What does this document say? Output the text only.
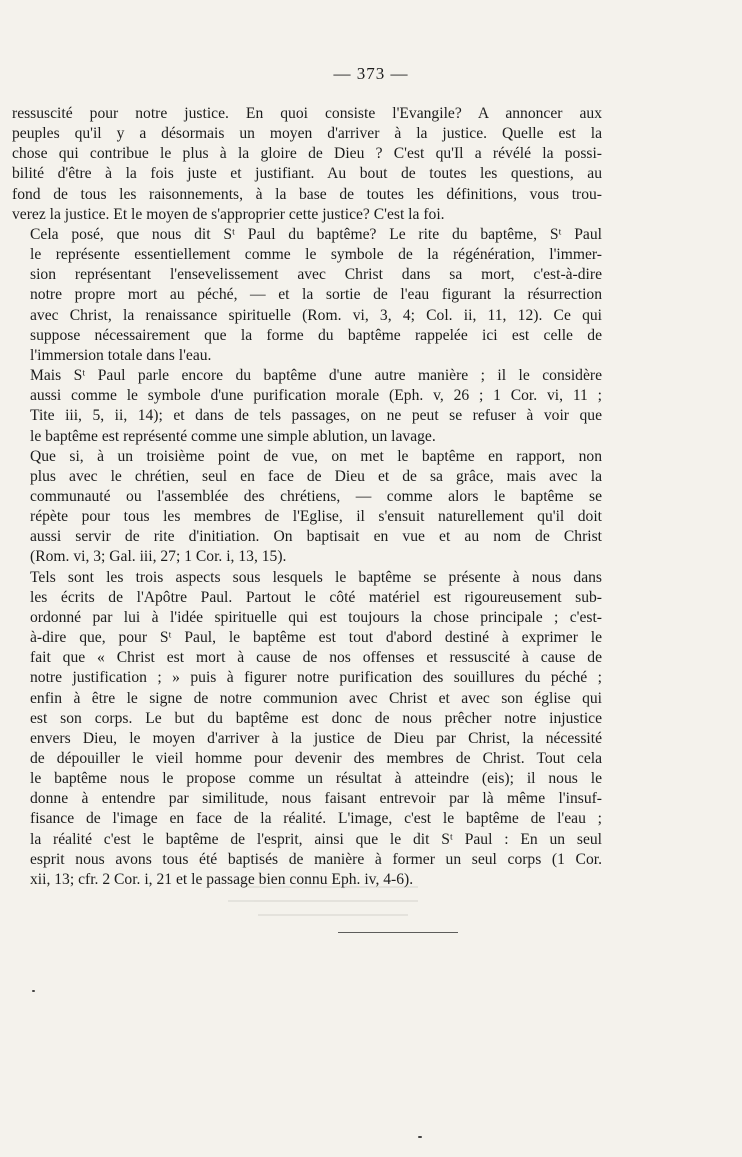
— 373 —
ressuscité pour notre justice. En quoi consiste l'Evangile? A annoncer aux
peuples qu'il y a désormais un moyen d'arriver à la justice. Quelle est la
chose qui contribue le plus à la gloire de Dieu ? C'est qu'Il a révélé la possi-
bilité d'être à la fois juste et justifiant. Au bout de toutes les questions, au
fond de tous les raisonnements, à la base de toutes les définitions, vous trou-
verez la justice. Et le moyen de s'approprier cette justice? C'est la foi.
Cela posé, que nous dit Sᵗ Paul du baptême? Le rite du baptême, Sᵗ Paul
le représente essentiellement comme le symbole de la régénération, l'immer-
sion représentant l'ensevelissement avec Christ dans sa mort, c'est-à-dire
notre propre mort au péché, — et la sortie de l'eau figurant la résurrection
avec Christ, la renaissance spirituelle (Rom. vi, 3, 4; Col. ii, 11, 12). Ce qui
suppose nécessairement que la forme du baptême rappelée ici est celle de
l'immersion totale dans l'eau.
Mais Sᵗ Paul parle encore du baptême d'une autre manière ; il le considère
aussi comme le symbole d'une purification morale (Eph. v, 26 ; 1 Cor. vi, 11 ;
Tite iii, 5, ii, 14); et dans de tels passages, on ne peut se refuser à voir que
le baptême est représenté comme une simple ablution, un lavage.
Que si, à un troisième point de vue, on met le baptême en rapport, non
plus avec le chrétien, seul en face de Dieu et de sa grâce, mais avec la
communauté ou l'assemblée des chrétiens, — comme alors le baptême se
répète pour tous les membres de l'Eglise, il s'ensuit naturellement qu'il doit
aussi servir de rite d'initiation. On baptisait en vue et au nom de Christ
(Rom. vi, 3; Gal. iii, 27; 1 Cor. i, 13, 15).
Tels sont les trois aspects sous lesquels le baptême se présente à nous dans
les écrits de l'Apôtre Paul. Partout le côté matériel est rigoureusement sub-
ordonné par lui à l'idée spirituelle qui est toujours la chose principale ; c'est-
à-dire que, pour Sᵗ Paul, le baptême est tout d'abord destiné à exprimer le
fait que « Christ est mort à cause de nos offenses et ressuscité à cause de
notre justification ; » puis à figurer notre purification des souillures du péché ;
enfin à être le signe de notre communion avec Christ et avec son église qui
est son corps. Le but du baptême est donc de nous prêcher notre injustice
envers Dieu, le moyen d'arriver à la justice de Dieu par Christ, la nécessité
de dépouiller le vieil homme pour devenir des membres de Christ. Tout cela
le baptême nous le propose comme un résultat à atteindre (eis); il nous le
donne à entendre par similitude, nous faisant entrevoir par là même l'insuf-
fisance de l'image en face de la réalité. L'image, c'est le baptême de l'eau ;
la réalité c'est le baptême de l'esprit, ainsi que le dit Sᵗ Paul : En un seul
esprit nous avons tous été baptisés de manière à former un seul corps (1 Cor.
xii, 13; cfr. 2 Cor. i, 21 et le passage bien connu Eph. iv, 4-6).
